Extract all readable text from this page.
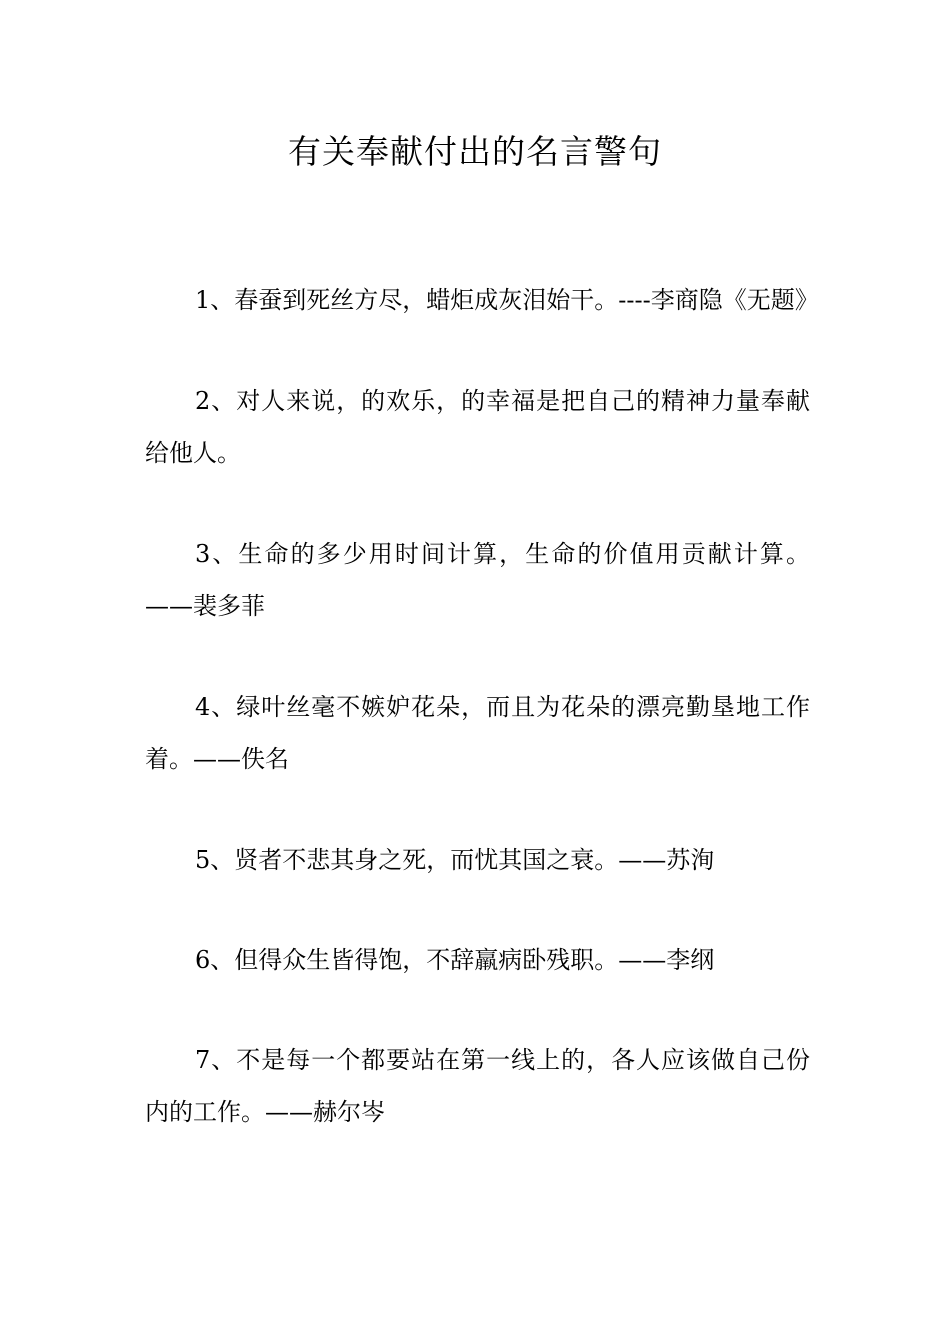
有关奉献付出的名言警句
1、春蚕到死丝方尽，蜡炬成灰泪始干。----李商隐《无题》
2、对人来说，的欢乐，的幸福是把自己的精神力量奉献给他人。
3、生命的多少用时间计算，生命的价值用贡献计算。——裴多菲
4、绿叶丝毫不嫉妒花朵，而且为花朵的漂亮勤垦地工作着。——佚名
5、贤者不悲其身之死，而忧其国之衰。——苏洵
6、但得众生皆得饱，不辞羸病卧残职。——李纲
7、不是每一个都要站在第一线上的，各人应该做自己份内的工作。——赫尔岑
